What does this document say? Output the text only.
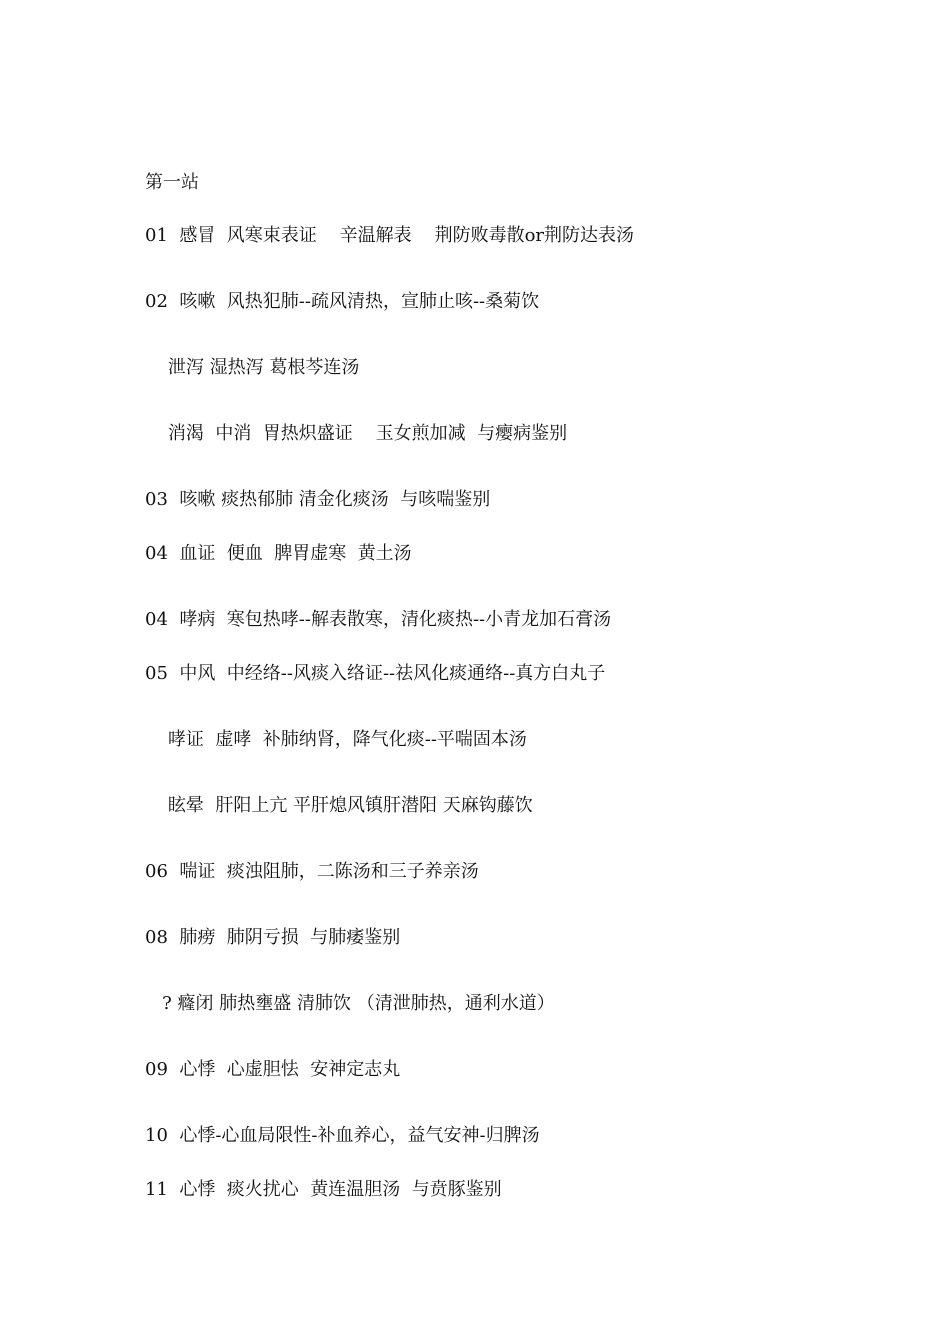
第一站
01  感冒  风寒束表证    辛温解表    荆防败毒散or荆防达表汤
02  咳嗽  风热犯肺--疏风清热，宣肺止咳--桑菊饮
泄泻 湿热泻 葛根芩连汤
消渴  中消  胃热炽盛证    玉女煎加减  与瘿病鉴别
03  咳嗽 痰热郁肺 清金化痰汤  与咳喘鉴别
04  血证  便血  脾胃虚寒  黄土汤
04  哮病  寒包热哮--解表散寒，清化痰热--小青龙加石膏汤
05  中风  中经络--风痰入络证--祛风化痰通络--真方白丸子
哮证  虚哮  补肺纳肾，降气化痰--平喘固本汤
眩晕  肝阳上亢 平肝熄风镇肝潜阳 天麻钩藤饮
06  喘证  痰浊阻肺，二陈汤和三子养亲汤
08  肺痨  肺阴亏损  与肺痿鉴别
? 癃闭 肺热壅盛 清肺饮 （清泄肺热，通利水道）
09  心悸  心虚胆怯  安神定志丸
10  心悸-心血局限性-补血养心，益气安神-归脾汤
11  心悸  痰火扰心  黄连温胆汤  与贲豚鉴别
